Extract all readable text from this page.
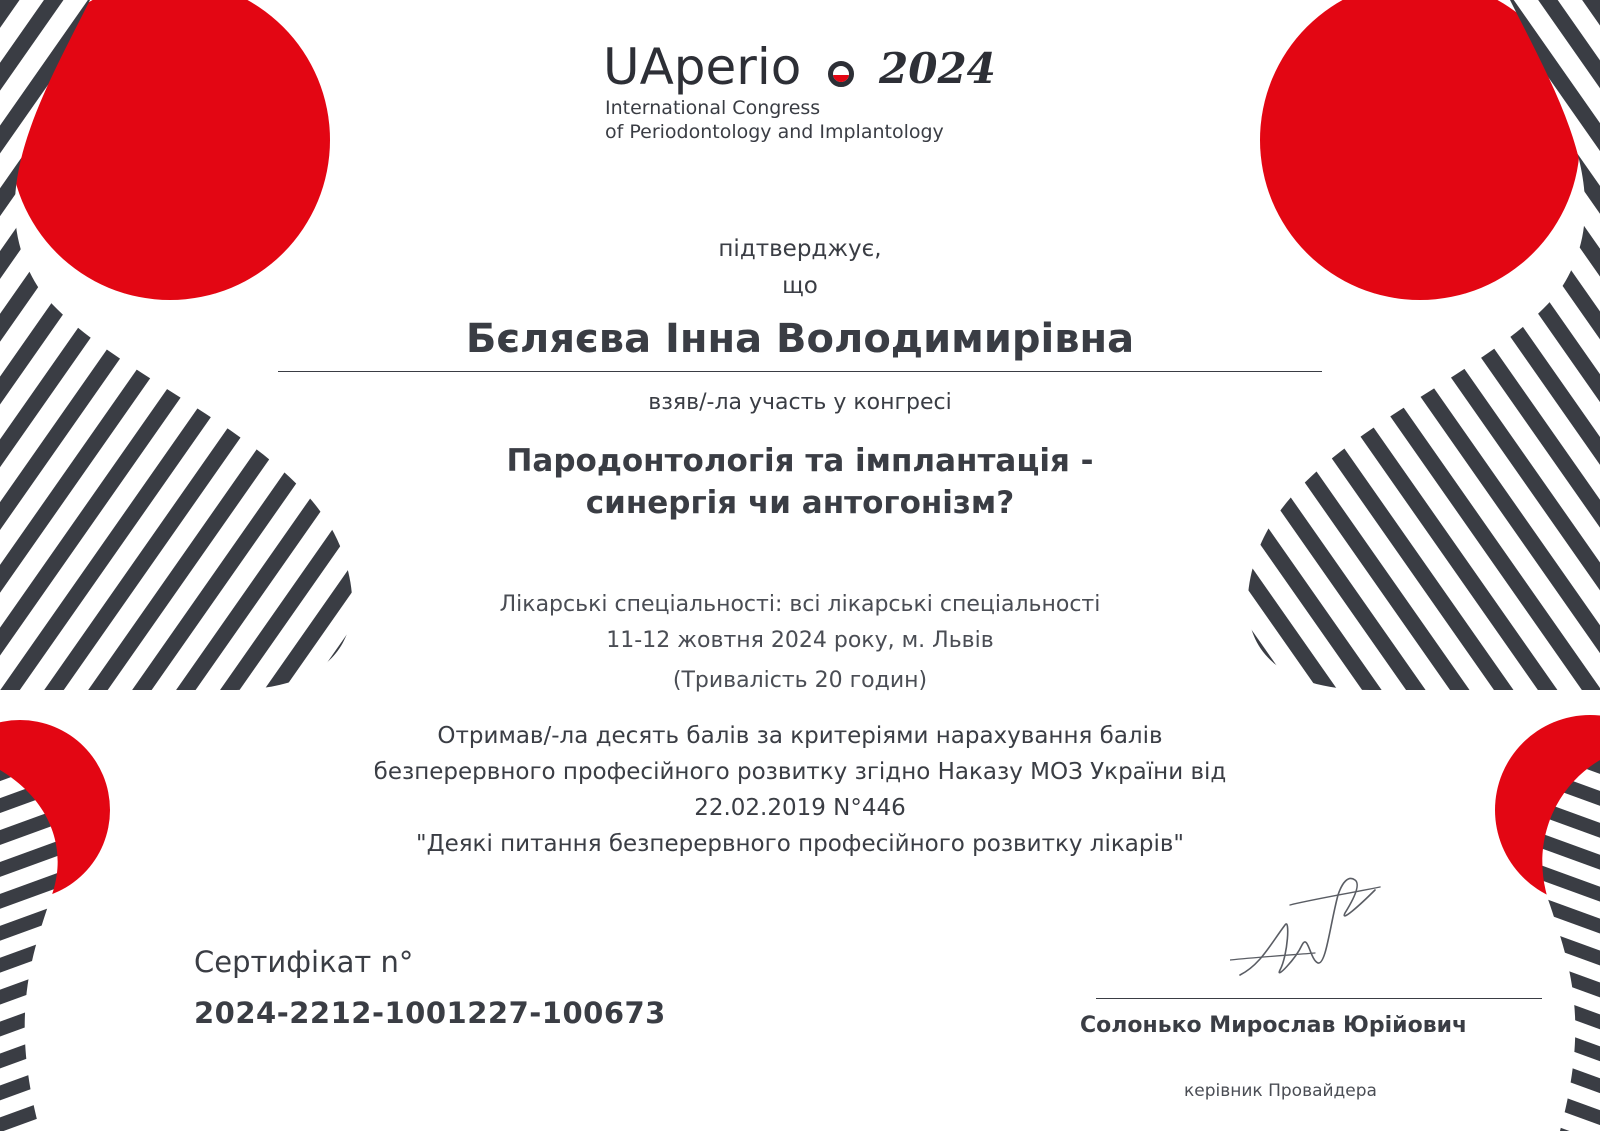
UAperio 2024
International Congress
of Periodontology and Implantology
підтверджує,
що
Бєляєва Інна Володимирівна
взяв/-ла участь у конгресі
Пародонтологія та імплантація -
синергія чи антогонізм?
Лікарські спеціальності: всі лікарські спеціальності
11-12 жовтня 2024 року, м. Львів
(Тривалість 20 годин)
Отримав/-ла десять балів за критеріями нарахування балів
безперервного професійного розвитку згідно Наказу МОЗ України від
22.02.2019 N°446
"Деякі питання безперервного професійного розвитку лікарів"
Сертифікат n°
2024-2212-1001227-100673	Солонько Мирослав Юрійович
керівник Провайдера
